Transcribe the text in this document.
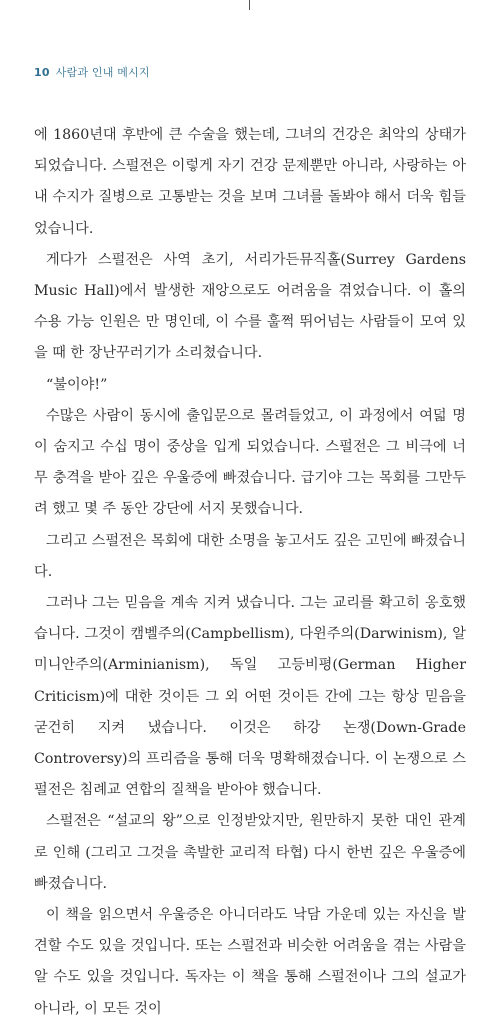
10 사람과 인내 메시지

에 1860년대 후반에 큰 수술을 했는데, 그녀의 건강은 최악의 상태가 되었습니다. 스펄전은 이렇게 자기 건강 문제뿐만 아니라, 사랑하는 아내 수지가 질병으로 고통받는 것을 보며 그녀를 돌봐야 해서 더욱 힘들었습니다.

게다가 스펄전은 사역 초기, 서리가든뮤직홀(Surrey Gardens Music Hall)에서 발생한 재앙으로도 어려움을 겪었습니다. 이 홀의 수용 가능 인원은 만 명인데, 이 수를 훌쩍 뛰어넘는 사람들이 모여 있을 때 한 장난꾸러기가 소리쳤습니다.

“불이야!”

수많은 사람이 동시에 출입문으로 몰려들었고, 이 과정에서 여덟 명이 숨지고 수십 명이 중상을 입게 되었습니다. 스펄전은 그 비극에 너무 충격을 받아 깊은 우울증에 빠졌습니다. 급기야 그는 목회를 그만두려 했고 몇 주 동안 강단에 서지 못했습니다.

그리고 스펄전은 목회에 대한 소명을 놓고서도 깊은 고민에 빠졌습니다.

그러나 그는 믿음을 계속 지켜 냈습니다. 그는 교리를 확고히 옹호했습니다. 그것이 캠벨주의(Campbellism), 다윈주의(Darwinism), 알미니안주의(Arminianism), 독일 고등비평(German Higher Criticism)에 대한 것이든 그 외 어떤 것이든 간에 그는 항상 믿음을 굳건히 지켜 냈습니다. 이것은 하강 논쟁(Down-Grade Controversy)의 프리즘을 통해 더욱 명확해졌습니다. 이 논쟁으로 스펄전은 침례교 연합의 질책을 받아야 했습니다.

스펄전은 “설교의 왕”으로 인정받았지만, 원만하지 못한 대인 관계로 인해 (그리고 그것을 촉발한 교리적 타협) 다시 한번 깊은 우울증에 빠졌습니다.

이 책을 읽으면서 우울증은 아니더라도 낙담 가운데 있는 자신을 발견할 수도 있을 것입니다. 또는 스펄전과 비슷한 어려움을 겪는 사람을 알 수도 있을 것입니다. 독자는 이 책을 통해 스펄전이나 그의 설교가 아니라, 이 모든 것이
